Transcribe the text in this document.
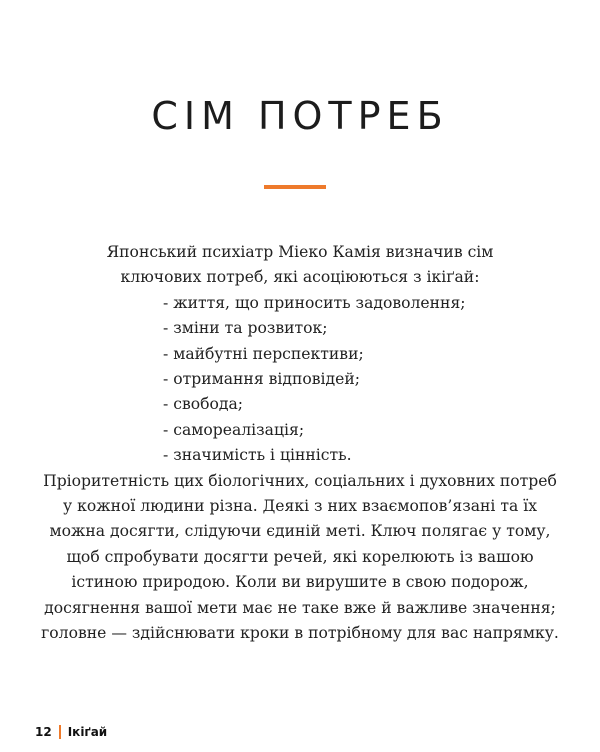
СІМ ПОТРЕБ
Японський психіатр Міеко Камія визначив сім
ключових потреб, які асоціюються з ікіґай:
- життя, що приносить задоволення;
- зміни та розвиток;
- майбутні перспективи;
- отримання відповідей;
- свобода;
- самореалізація;
- значимість і цінність.
Пріоритетність цих біологічних, соціальних і духовних потреб
у кожної людини різна. Деякі з них взаємопов’язані та їх
можна досягти, слідуючи єдиній меті. Ключ полягає у тому,
щоб спробувати досягти речей, які корелюють із вашою
істиною природою. Коли ви вирушите в свою подорож,
досягнення вашої мети має не таке вже й важливе значення;
головне — здійснювати кроки в потрібному для вас напрямку.
12 Ікіґай
